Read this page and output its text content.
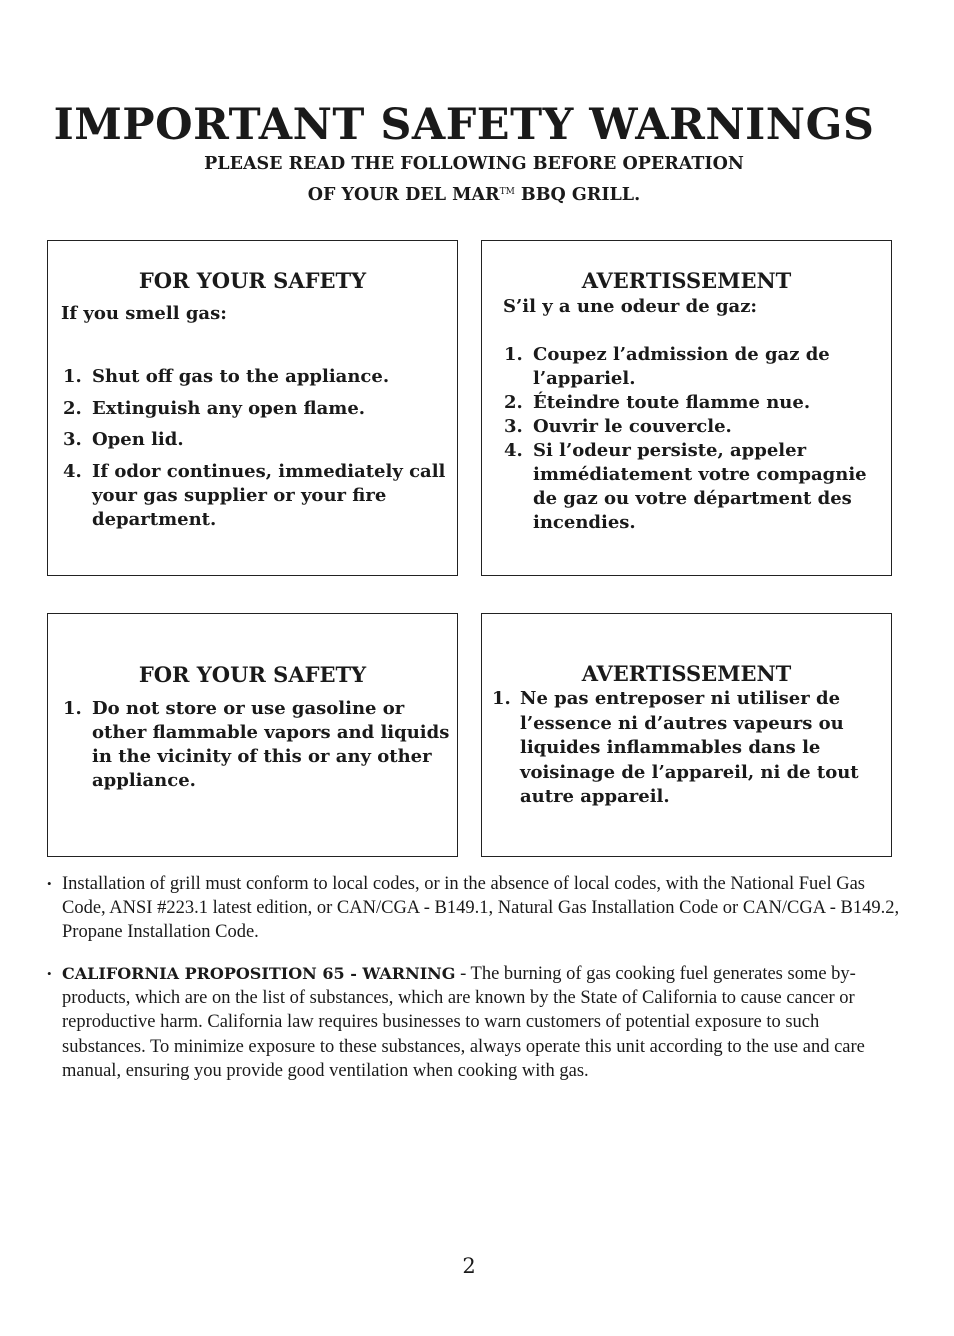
IMPORTANT SAFETY WARNINGS
PLEASE READ THE FOLLOWING BEFORE OPERATION
OF YOUR DEL MAR™ BBQ GRILL.
FOR YOUR SAFETY
If you smell gas:
1. Shut off gas to the appliance.
2. Extinguish any open flame.
3. Open lid.
4. If odor continues, immediately call your gas supplier or your fire department.
AVERTISSEMENT
S’il y a une odeur de gaz:
1. Coupez l’admission de gaz de l’appariel.
2. Éteindre toute flamme nue.
3. Ouvrir le couvercle.
4. Si l’odeur persiste, appeler immédiatement votre compagnie de gaz ou votre départment des incendies.
FOR YOUR SAFETY
1. Do not store or use gasoline or other flammable vapors and liquids in the vicinity of this or any other appliance.
AVERTISSEMENT
1. Ne pas entreposer ni utiliser de l’essence ni d’autres vapeurs ou liquides inflammables dans le voisinage de l’appareil, ni de tout autre appareil.
• Installation of grill must conform to local codes, or in the absence of local codes, with the National Fuel Gas Code, ANSI #223.1 latest edition, or CAN/CGA - B149.1, Natural Gas Installation Code or CAN/CGA - B149.2, Propane Installation Code.
• CALIFORNIA PROPOSITION 65 - WARNING - The burning of gas cooking fuel generates some by-products, which are on the list of substances, which are known by the State of California to cause cancer or reproductive harm. California law requires businesses to warn customers of potential exposure to such substances. To minimize exposure to these substances, always operate this unit according to the use and care manual, ensuring you provide good ventilation when cooking with gas.
2
